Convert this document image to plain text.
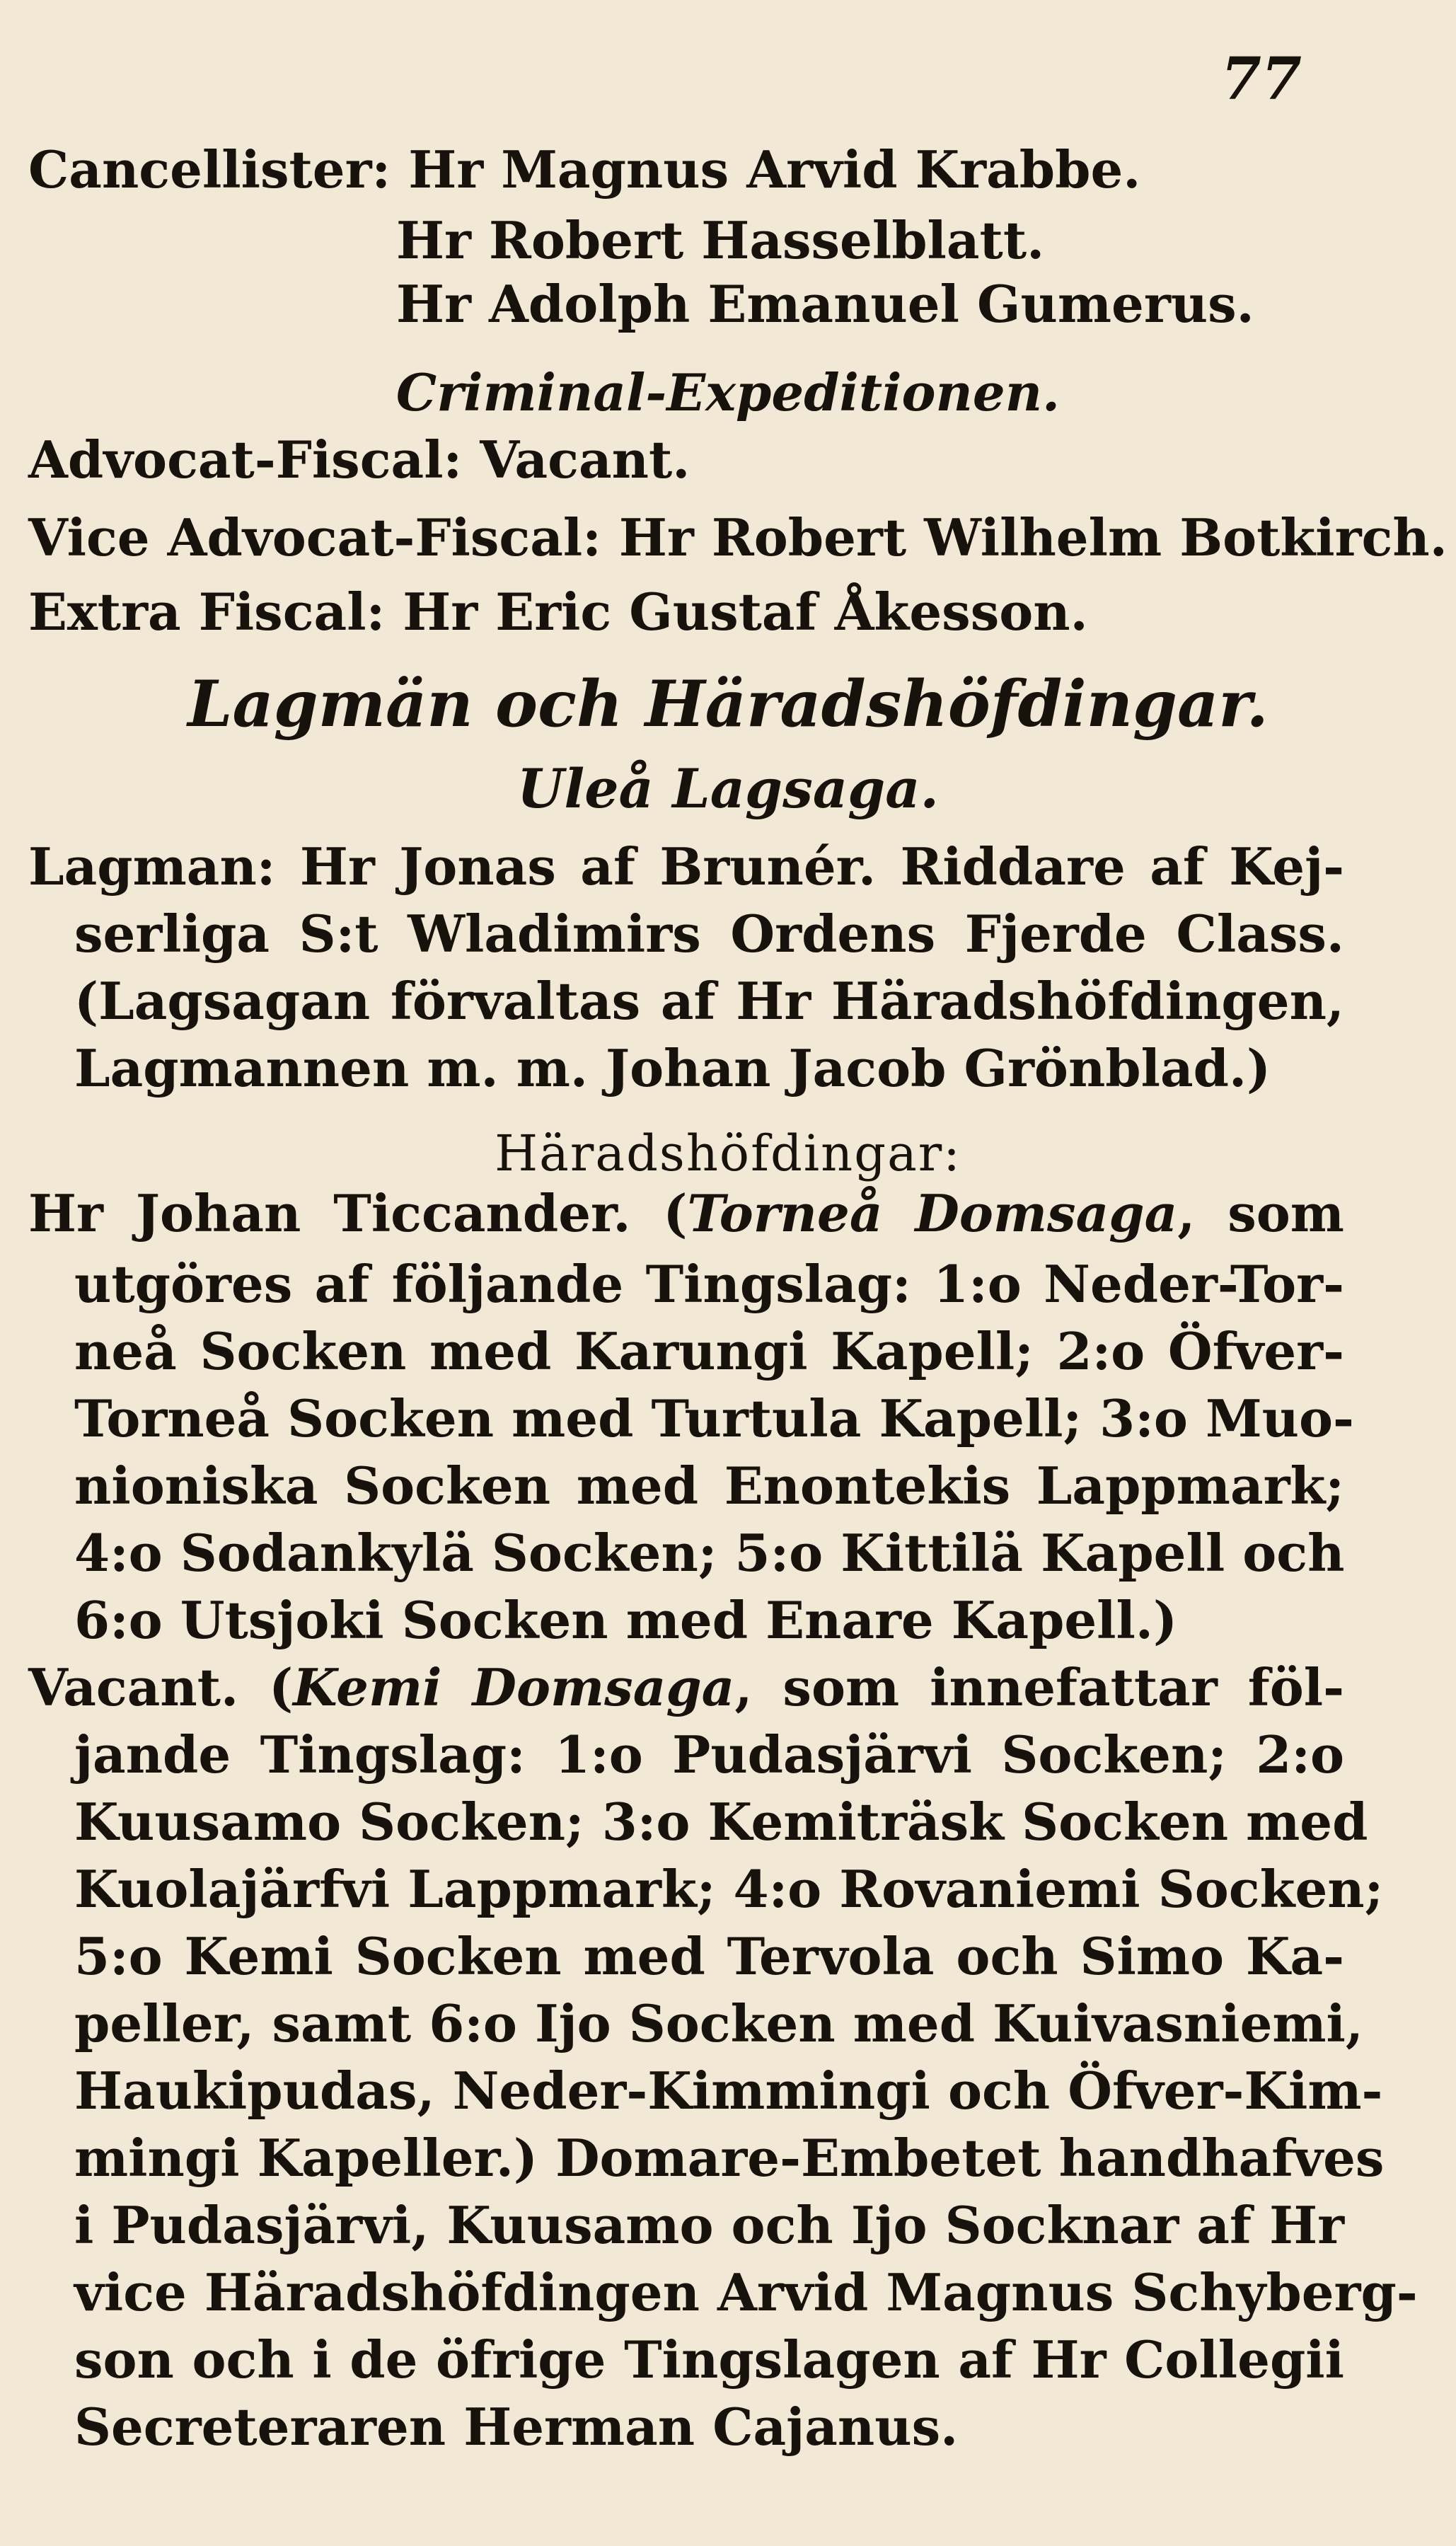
77
Cancellister: Hr Magnus Arvid Krabbe.
Hr Robert Hasselblatt.
Hr Adolph Emanuel Gumerus.
Criminal-Expeditionen.
Advocat-Fiscal: Vacant.
Vice Advocat-Fiscal: Hr Robert Wilhelm Botkirch.
Extra Fiscal: Hr Eric Gustaf Åkesson.
Lagmän och Häradshöfdingar.
Uleå Lagsaga.
Lagman: Hr Jonas af Brunér. Riddare af Kej-
serliga S:t Wladimirs Ordens Fjerde Class.
(Lagsagan förvaltas af Hr Häradshöfdingen,
Lagmannen m. m. Johan Jacob Grönblad.)
Häradshöfdingar:
Hr Johan Ticcander. (Torneå Domsaga, som
utgöres af följande Tingslag: 1:o Neder-Tor-
neå Socken med Karungi Kapell; 2:o Öfver-
Torneå Socken med Turtula Kapell; 3:o Muo-
nioniska Socken med Enontekis Lappmark;
4:o Sodankylä Socken; 5:o Kittilä Kapell och
6:o Utsjoki Socken med Enare Kapell.)
Vacant. (Kemi Domsaga, som innefattar föl-
jande Tingslag: 1:o Pudasjärvi Socken; 2:o
Kuusamo Socken; 3:o Kemiträsk Socken med
Kuolajärfvi Lappmark; 4:o Rovaniemi Socken;
5:o Kemi Socken med Tervola och Simo Ka-
peller, samt 6:o Ijo Socken med Kuivasniemi,
Haukipudas, Neder-Kimmingi och Öfver-Kim-
mingi Kapeller.) Domare-Embetet handhafves
i Pudasjärvi, Kuusamo och Ijo Socknar af Hr
vice Häradshöfdingen Arvid Magnus Schyberg-
son och i de öfrige Tingslagen af Hr Collegii
Secreteraren Herman Cajanus.
